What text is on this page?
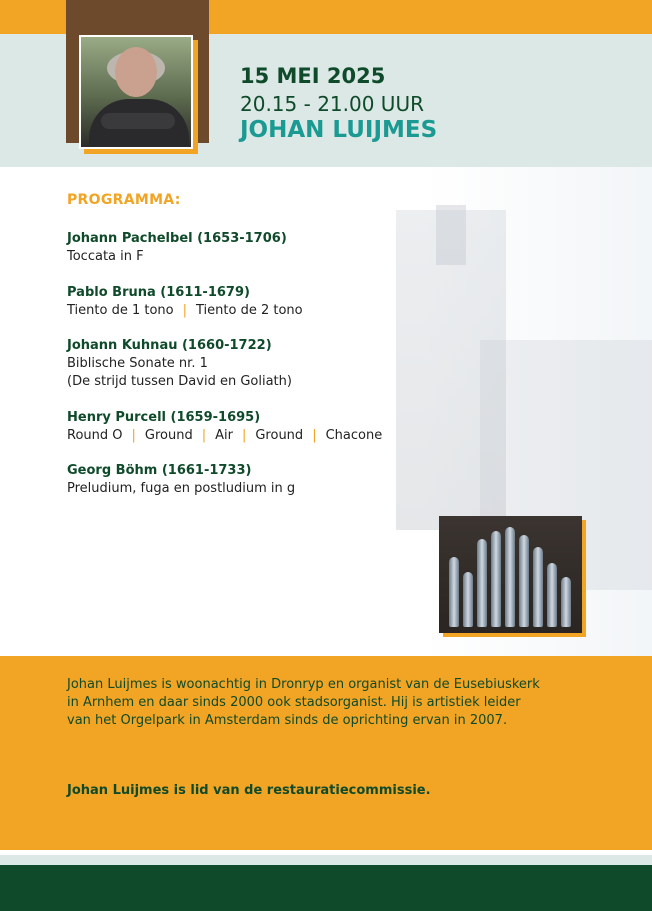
15 MEI 2025
20.15 - 21.00 UUR
JOHAN LUIJMES
PROGRAMMA:
Johann Pachelbel (1653-1706)
Toccata in F
Pablo Bruna (1611-1679)
Tiento de 1 tono | Tiento de 2 tono
Johann Kuhnau (1660-1722)
Biblische Sonate nr. 1
(De strijd tussen David en Goliath)
Henry Purcell (1659-1695)
Round O | Ground | Air | Ground | Chacone
Georg Böhm (1661-1733)
Preludium, fuga en postludium in g
Johan Luijmes is woonachtig in Dronryp en organist van de Eusebiuskerk in Arnhem en daar sinds 2000 ook stadsorganist. Hij is artistiek leider van het Orgelpark in Amsterdam sinds de oprichting ervan in 2007.
Johan Luijmes is lid van de restauratiecommissie.
